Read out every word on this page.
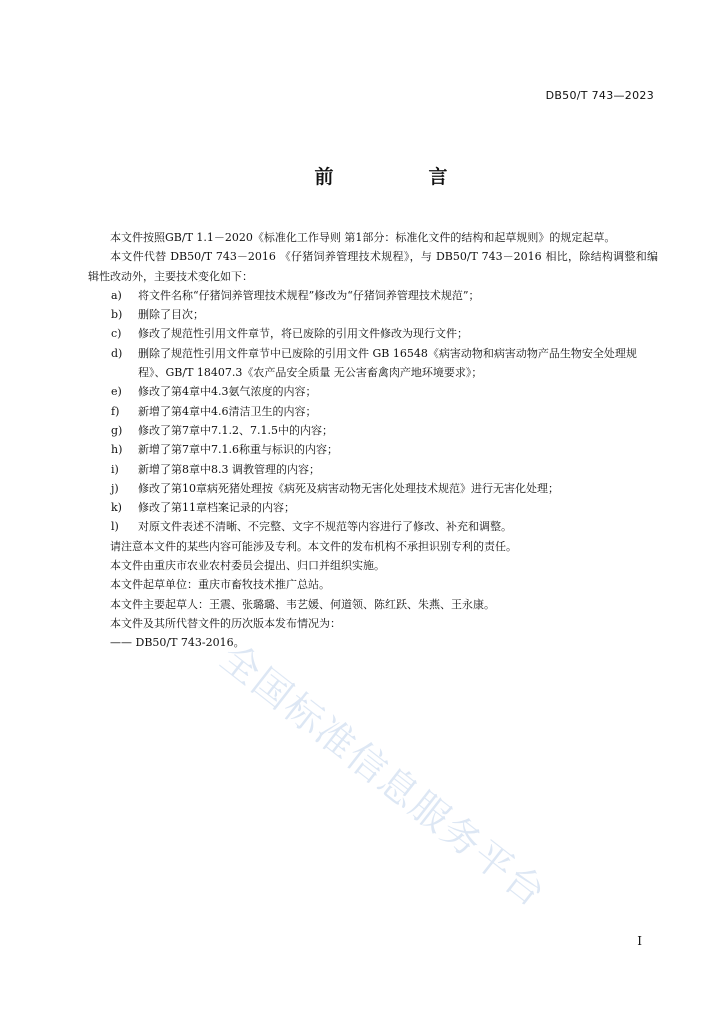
DB50/T 743—2023
前　言

本文件按照GB/T 1.1－2020《标准化工作导则 第1部分：标准化文件的结构和起草规则》的规定起草。

本文件代替 DB50/T 743－2016 《仔猪饲养管理技术规程》，与 DB50/T 743－2016 相比，除结构调整和编辑性改动外，主要技术变化如下：

a) 将文件名称“仔猪饲养管理技术规程”修改为“仔猪饲养管理技术规范”；

b) 删除了目次；

c) 修改了规范性引用文件章节，将已废除的引用文件修改为现行文件；

d) 删除了规范性引用文件章节中已废除的引用文件 GB 16548《病害动物和病害动物产品生物安全处理规程》、GB/T 18407.3《农产品安全质量 无公害畜禽肉产地环境要求》；

e) 修改了第4章中4.3氨气浓度的内容；

f) 新增了第4章中4.6清洁卫生的内容；

g) 修改了第7章中7.1.2、7.1.5中的内容；

h) 新增了第7章中7.1.6称重与标识的内容；

i) 新增了第8章中8.3 调教管理的内容；

j) 修改了第10章病死猪处理按《病死及病害动物无害化处理技术规范》进行无害化处理；

k) 修改了第11章档案记录的内容；

l) 对原文件表述不清晰、不完整、文字不规范等内容进行了修改、补充和调整。

请注意本文件的某些内容可能涉及专利。本文件的发布机构不承担识别专利的责任。

本文件由重庆市农业农村委员会提出、归口并组织实施。

本文件起草单位：重庆市畜牧技术推广总站。

本文件主要起草人：王震、张璐璐、韦艺媛、何道领、陈红跃、朱燕、王永康。

本文件及其所代替文件的历次版本发布情况为：

—— DB50/T 743-2016。

全国标准信息服务平台
I
